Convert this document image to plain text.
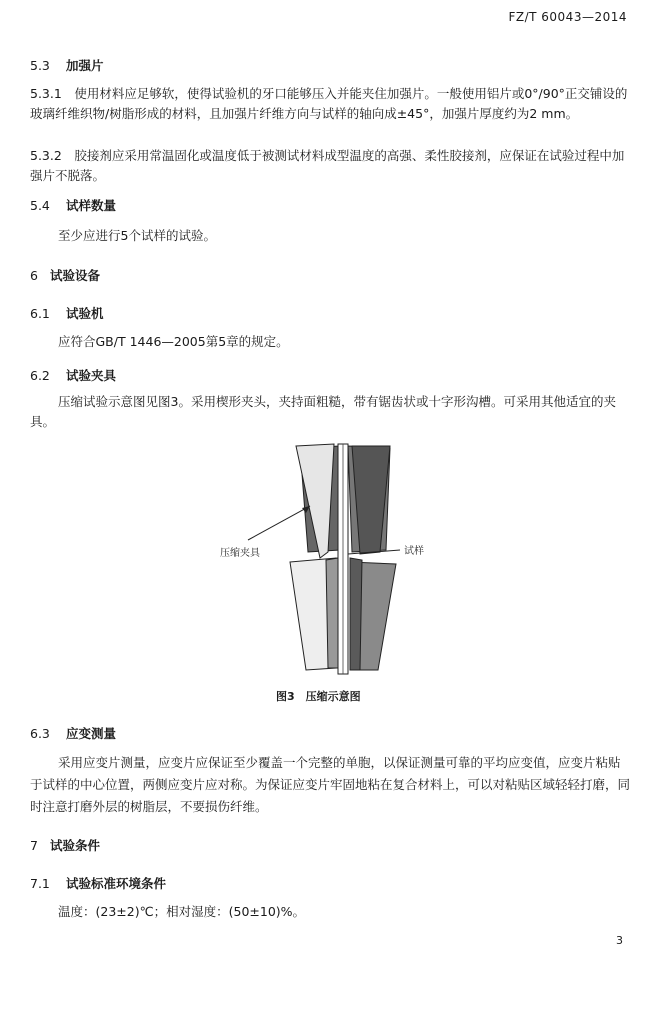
FZ/T 60043—2014
5.3 加强片
5.3.1　 使用材料应足够软，使得试验机的牙口能够压入并能夹住加强片。一般使用铝片或0°/90°正交铺设的玻璃纤维织物/树脂形成的材料，且加强片纤维方向与试样的轴向成±45°，加强片厚度约为2 mm。
5.3.2　 胶接剂应采用常温固化或温度低于被测试材料成型温度的高强、柔性胶接剂，应保证在试验过程中加强片不脱落。
5.4 试样数量
至少应进行5个试样的试验。
6 试验设备
6.1 试验机
应符合GB/T 1446—2005第5章的规定。
6.2 试验夹具
压缩试验示意图见图3。采用楔形夹头，夹持面粗糙，带有锯齿状或十字形沟槽。可采用其他适宜的夹具。
压缩夹具	试样
图3　压缩示意图
6.3 应变测量
采用应变片测量，应变片应保证至少覆盖一个完整的单胞，以保证测量可靠的平均应变值，应变片粘贴于试样的中心位置，两侧应变片应对称。为保证应变片牢固地粘在复合材料上，可以对粘贴区域轻轻打磨，同时注意打磨外层的树脂层，不要损伤纤维。
7 试验条件
7.1 试验标准环境条件
温度：(23±2)℃；相对湿度：(50±10)%。
3
